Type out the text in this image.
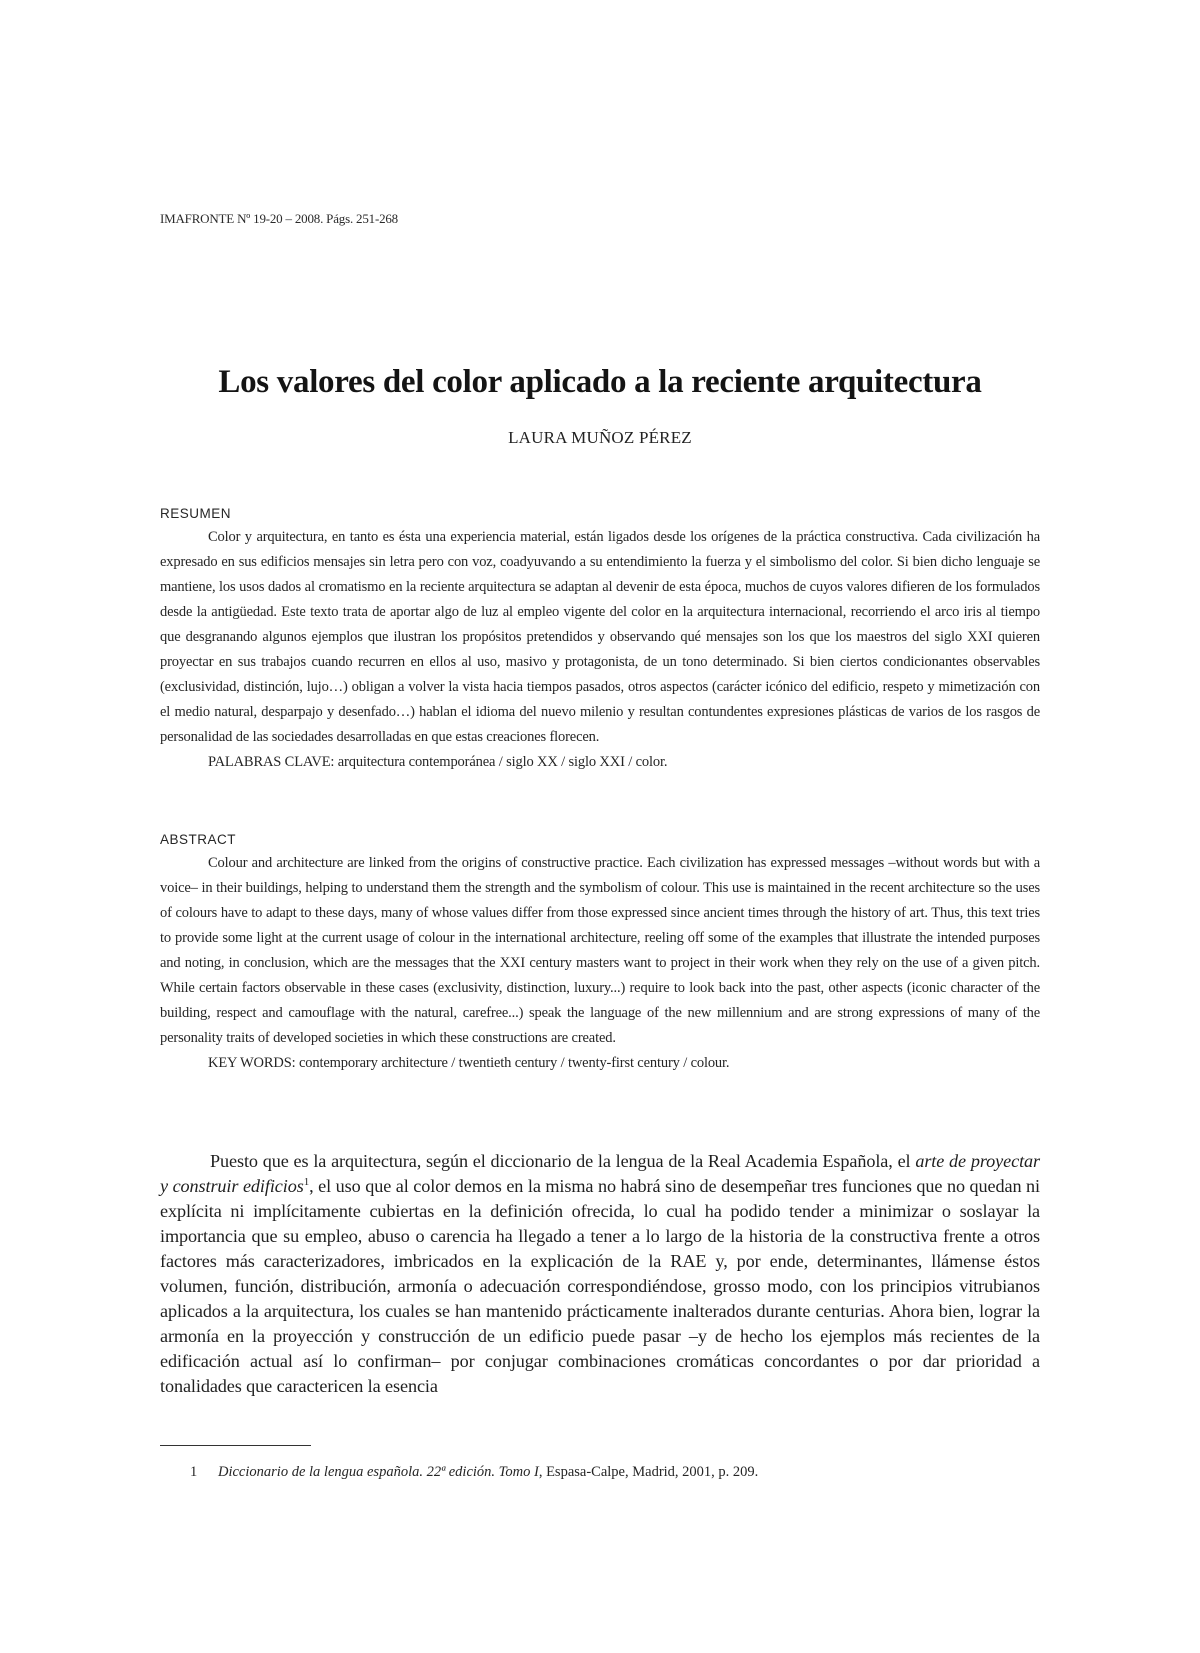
IMAFRONTE Nº 19-20 – 2008. Págs. 251-268
Los valores del color aplicado a la reciente arquitectura
LAURA MUÑOZ PÉREZ
RESUMEN

Color y arquitectura, en tanto es ésta una experiencia material, están ligados desde los orígenes de la práctica constructiva. Cada civilización ha expresado en sus edificios mensajes sin letra pero con voz, coadyuvando a su entendimiento la fuerza y el simbolismo del color. Si bien dicho lenguaje se mantiene, los usos dados al cromatismo en la reciente arquitectura se adaptan al devenir de esta época, muchos de cuyos valores difieren de los formulados desde la antigüedad. Este texto trata de aportar algo de luz al empleo vigente del color en la arquitectura internacional, recorriendo el arco iris al tiempo que desgranando algunos ejemplos que ilustran los propósitos pretendidos y observando qué mensajes son los que los maestros del siglo XXI quieren proyectar en sus trabajos cuando recurren en ellos al uso, masivo y protagonista, de un tono determinado. Si bien ciertos condicionantes observables (exclusividad, distinción, lujo…) obligan a volver la vista hacia tiempos pasados, otros aspectos (carácter icónico del edificio, respeto y mimetización con el medio natural, desparpajo y desenfado…) hablan el idioma del nuevo milenio y resultan contundentes expresiones plásticas de varios de los rasgos de personalidad de las sociedades desarrolladas en que estas creaciones florecen.

PALABRAS CLAVE: arquitectura contemporánea / siglo XX / siglo XXI / color.

ABSTRACT

Colour and architecture are linked from the origins of constructive practice. Each civilization has expressed messages –without words but with a voice– in their buildings, helping to understand them the strength and the symbolism of colour. This use is maintained in the recent architecture so the uses of colours have to adapt to these days, many of whose values differ from those expressed since ancient times through the history of art. Thus, this text tries to provide some light at the current usage of colour in the international architecture, reeling off some of the examples that illustrate the intended purposes and noting, in conclusion, which are the messages that the XXI century masters want to project in their work when they rely on the use of a given pitch. While certain factors observable in these cases (exclusivity, distinction, luxury...) require to look back into the past, other aspects (iconic character of the building, respect and camouflage with the natural, carefree...) speak the language of the new millennium and are strong expressions of many of the personality traits of developed societies in which these constructions are created.

KEY WORDS: contemporary architecture / twentieth century / twenty-first century / colour.

Puesto que es la arquitectura, según el diccionario de la lengua de la Real Academia Española, el arte de proyectar y construir edificios$^1$, el uso que al color demos en la misma no habrá sino de desempeñar tres funciones que no quedan ni explícita ni implícitamente cubiertas en la definición ofrecida, lo cual ha podido tender a minimizar o soslayar la importancia que su empleo, abuso o carencia ha llegado a tener a lo largo de la historia de la constructiva frente a otros factores más caracterizadores, imbricados en la explicación de la RAE y, por ende, determinantes, llámense éstos volumen, función, distribución, armonía o adecuación correspondiéndose, grosso modo, con los principios vitrubianos aplicados a la arquitectura, los cuales se han mantenido prácticamente inalterados durante centurias. Ahora bien, lograr la armonía en la proyección y construcción de un edificio puede pasar –y de hecho los ejemplos más recientes de la edificación actual así lo confirman– por conjugar combinaciones cromáticas concordantes o por dar prioridad a tonalidades que caractericen la esencia

1 Diccionario de la lengua española. 22ª edición. Tomo I, Espasa-Calpe, Madrid, 2001, p. 209.
